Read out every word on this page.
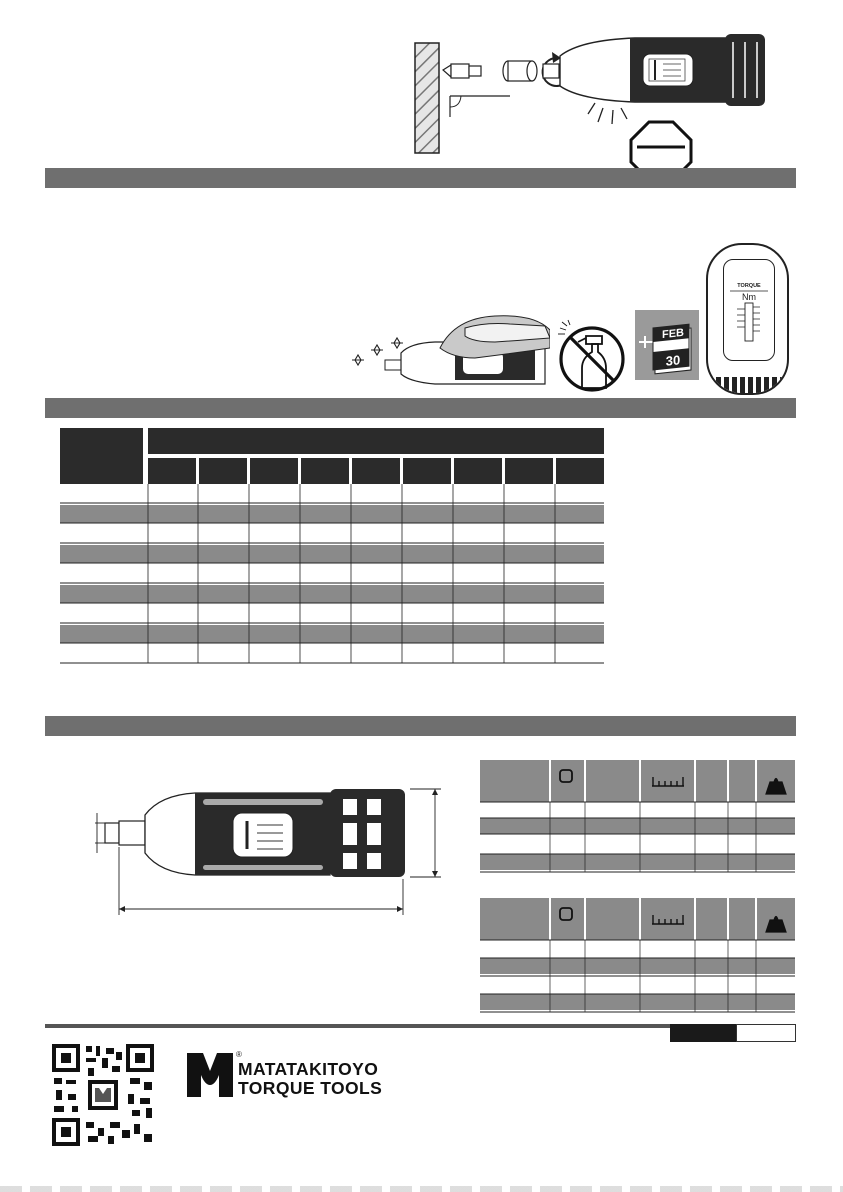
FEB
30
TORQUE
Nm
®
MATATAKITOYO
TORQUE TOOLS
